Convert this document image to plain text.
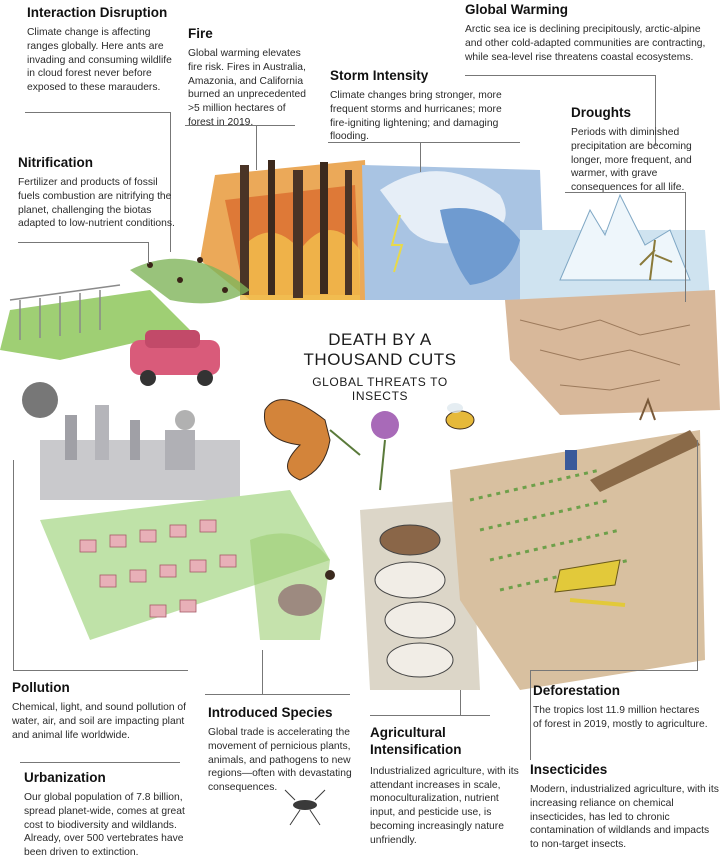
DEATH BY A
THOUSAND CUTS
GLOBAL THREATS TO INSECTS
Interaction Disruption

Climate change is affecting ranges globally. Here ants are invading and consuming wildlife in cloud forest never before exposed to these marauders.

Fire

Global warming elevates fire risk. Fires in Australia, Amazonia, and California burned an unprecedented >5 million hectares of forest in 2019.

Global Warming

Arctic sea ice is declining precipitously, arctic-alpine and other cold-adapted communities are contracting, while sea-level rise threatens coastal ecosystems.

Storm Intensity

Climate changes bring stronger, more frequent storms and hurricanes; more fire-igniting lightening; and damaging flooding.

Droughts

Periods with diminished precipitation are becoming longer, more frequent, and warmer, with grave consequences for all life.

Nitrification

Fertilizer and products of fossil fuels combustion are nitrifying the planet, challenging the biotas adapted to low-nutrient conditions.

Pollution

Chemical, light, and sound pollution of water, air, and soil are impacting plant and animal life worldwide.

Introduced Species

Global trade is accelerating the movement of pernicious plants, animals, and pathogens to new regions—often with devastating consequences.

Agricultural Intensification

Industrialized agriculture, with its attendant increases in scale, monoculturalization, nutrient input, and pesticide use, is becoming increasingly nature unfriendly.

Deforestation

The tropics lost 11.9 million hectares of forest in 2019, mostly to agriculture.

Urbanization

Our global population of 7.8 billion, spread planet-wide, comes at great cost to biodiversity and wildlands. Already, over 500 vertebrates have been driven to extinction.

Insecticides

Modern, industrialized agriculture, with its increasing reliance on chemical insecticides, has led to chronic contamination of wildlands and impacts to non-target insects.
